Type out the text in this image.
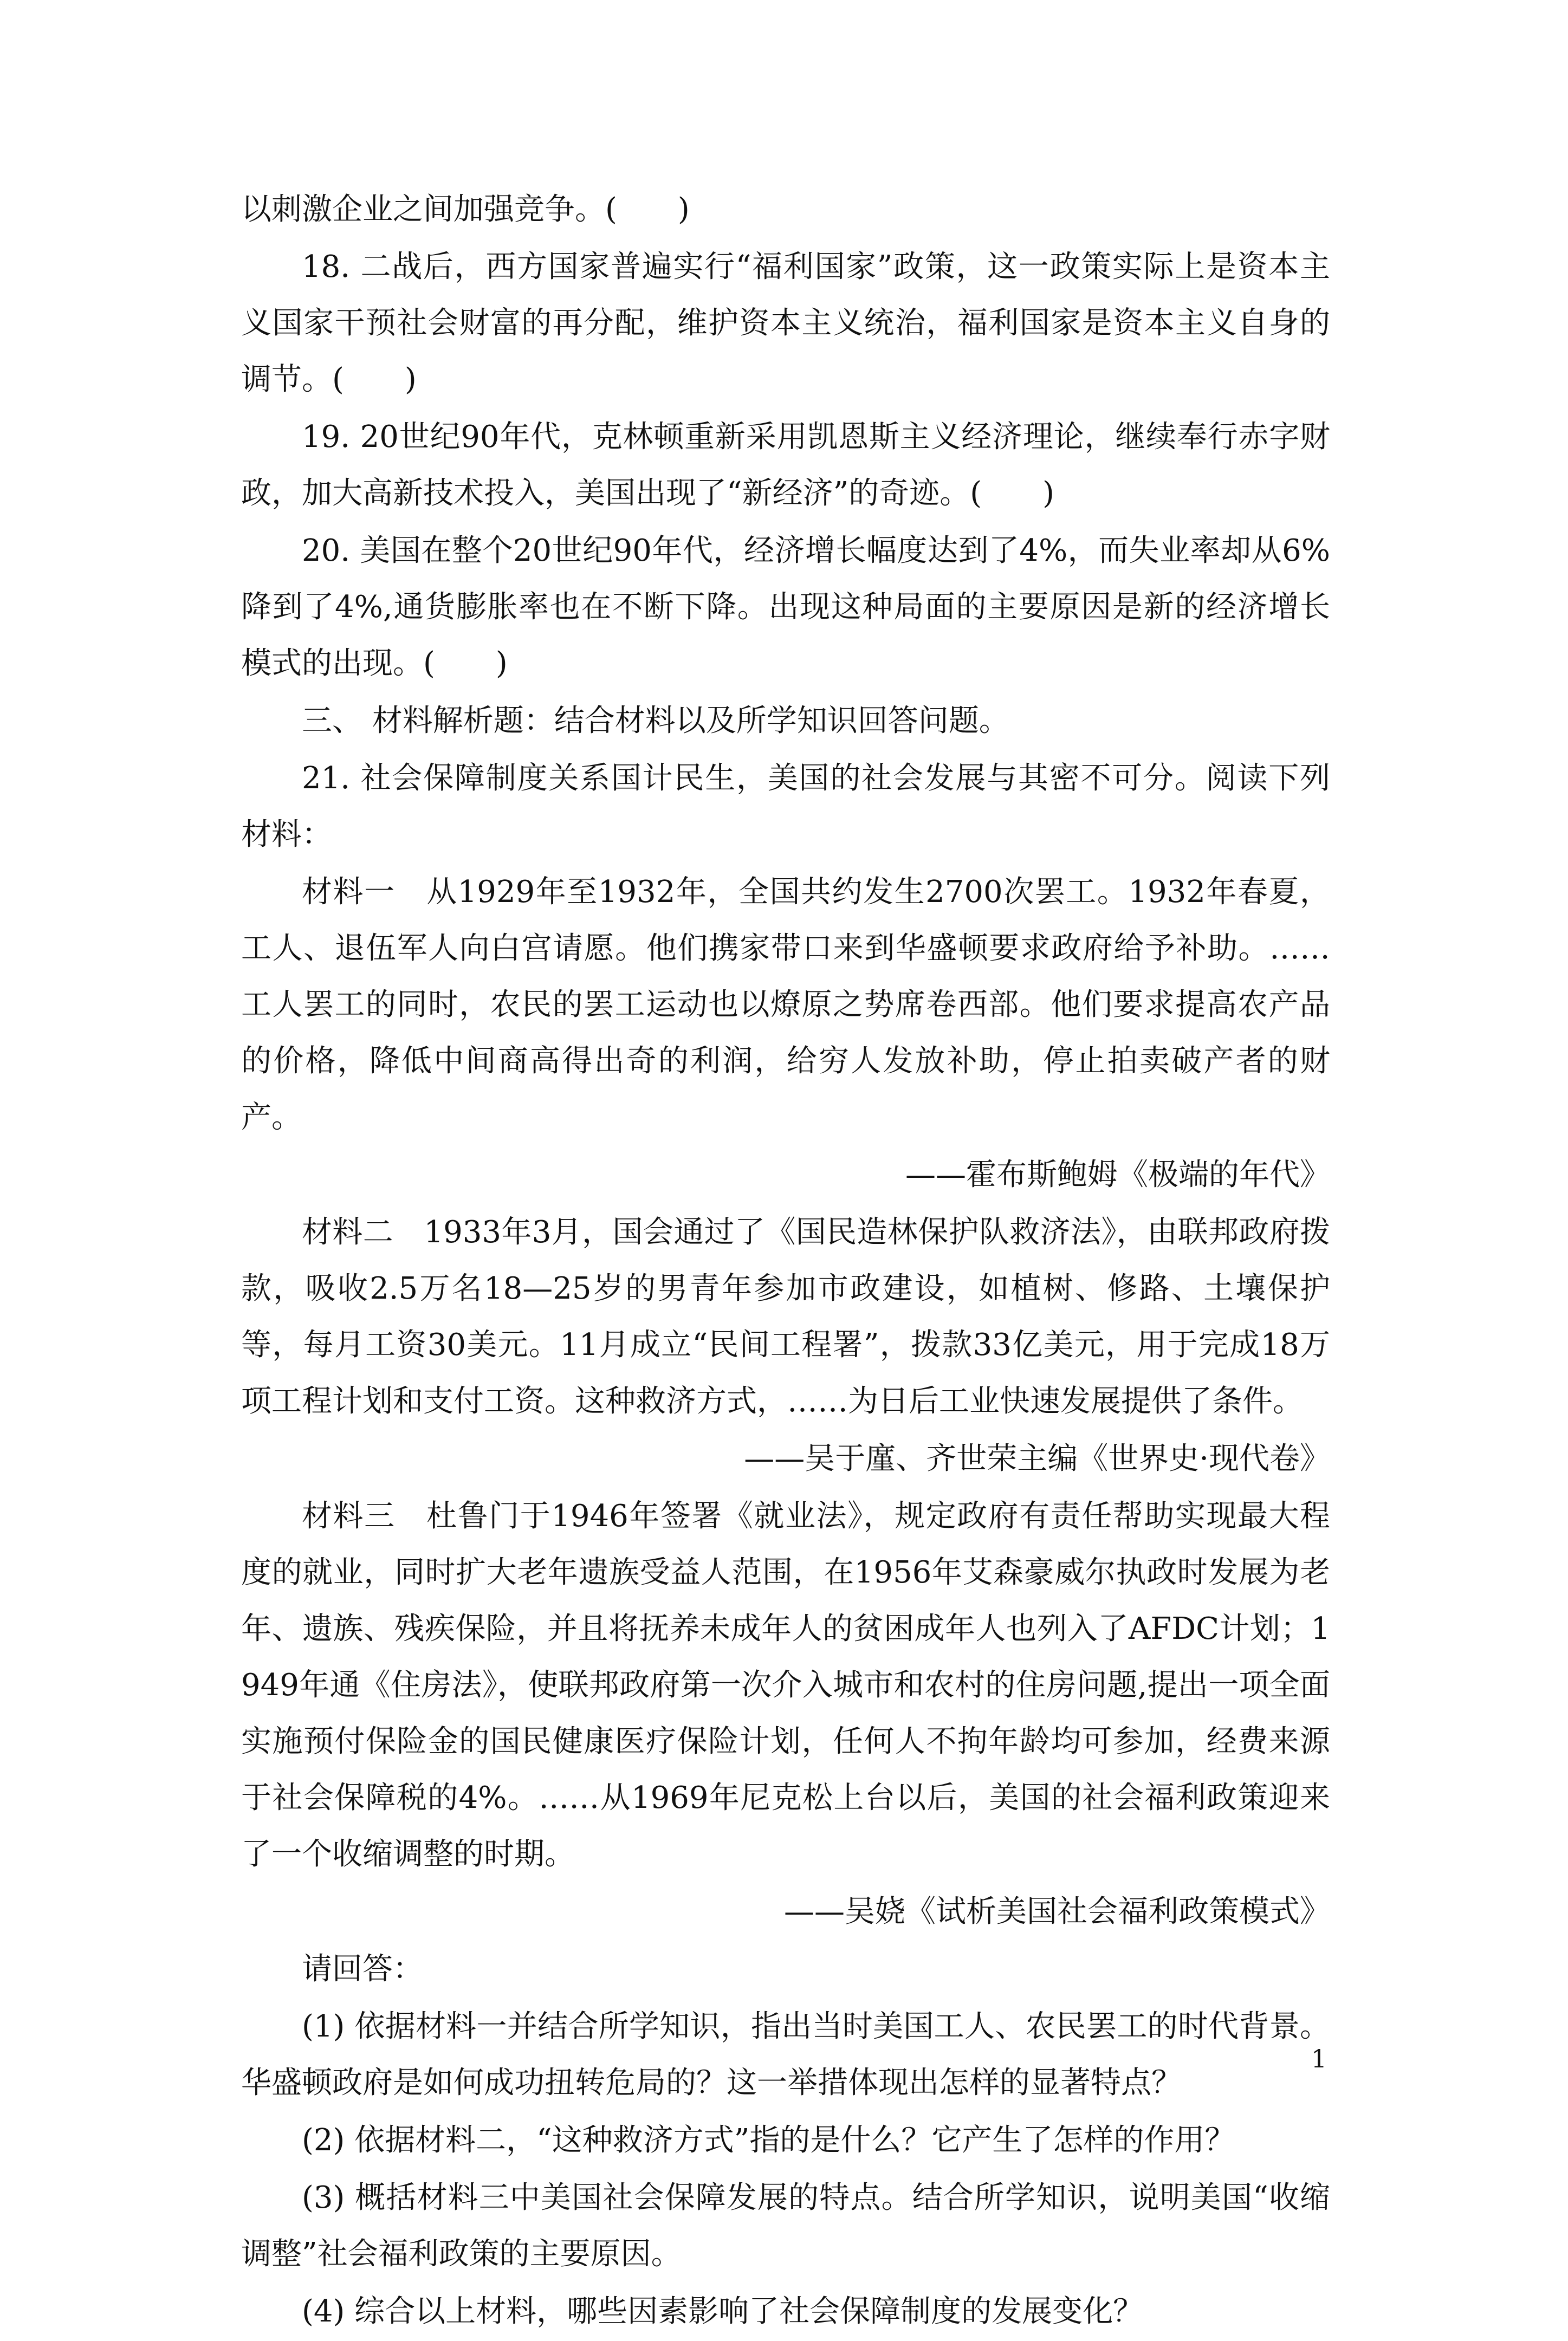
以刺激企业之间加强竞争。(　　)

18. 二战后，西方国家普遍实行“福利国家”政策，这一政策实际上是资本主义国家干预社会财富的再分配，维护资本主义统治，福利国家是资本主义自身的调节。(　　)

19. 20世纪90年代，克林顿重新采用凯恩斯主义经济理论，继续奉行赤字财政，加大高新技术投入，美国出现了“新经济”的奇迹。(　　)

20. 美国在整个20世纪90年代，经济增长幅度达到了4%，而失业率却从6%降到了4%,通货膨胀率也在不断下降。出现这种局面的主要原因是新的经济增长模式的出现。(　　)

三、 材料解析题：结合材料以及所学知识回答问题。

21. 社会保障制度关系国计民生，美国的社会发展与其密不可分。阅读下列材料：

材料一　从1929年至1932年，全国共约发生2700次罢工。1932年春夏，工人、退伍军人向白宫请愿。他们携家带口来到华盛顿要求政府给予补助。……工人罢工的同时，农民的罢工运动也以燎原之势席卷西部。他们要求提高农产品的价格，降低中间商高得出奇的利润，给穷人发放补助，停止拍卖破产者的财产。

——霍布斯鲍姆《极端的年代》

材料二　1933年3月，国会通过了《国民造林保护队救济法》，由联邦政府拨款，吸收2.5万名18—25岁的男青年参加市政建设，如植树、修路、土壤保护等，每月工资30美元。11月成立“民间工程署”，拨款33亿美元，用于完成18万项工程计划和支付工资。这种救济方式，……为日后工业快速发展提供了条件。

——吴于廑、齐世荣主编《世界史·现代卷》

材料三　杜鲁门于1946年签署《就业法》，规定政府有责任帮助实现最大程度的就业，同时扩大老年遗族受益人范围，在1956年艾森豪威尔执政时发展为老年、遗族、残疾保险，并且将抚养未成年人的贫困成年人也列入了AFDC计划；1949年通《住房法》，使联邦政府第一次介入城市和农村的住房问题,提出一项全面实施预付保险金的国民健康医疗保险计划，任何人不拘年龄均可参加，经费来源于社会保障税的4%。……从1969年尼克松上台以后，美国的社会福利政策迎来了一个收缩调整的时期。

——吴娆《试析美国社会福利政策模式》

请回答：

(1) 依据材料一并结合所学知识，指出当时美国工人、农民罢工的时代背景。华盛顿政府是如何成功扭转危局的？这一举措体现出怎样的显著特点？

(2) 依据材料二，“这种救济方式”指的是什么？它产生了怎样的作用？

(3) 概括材料三中美国社会保障发展的特点。结合所学知识，说明美国“收缩调整”社会福利政策的主要原因。

(4) 综合以上材料，哪些因素影响了社会保障制度的发展变化？

1
